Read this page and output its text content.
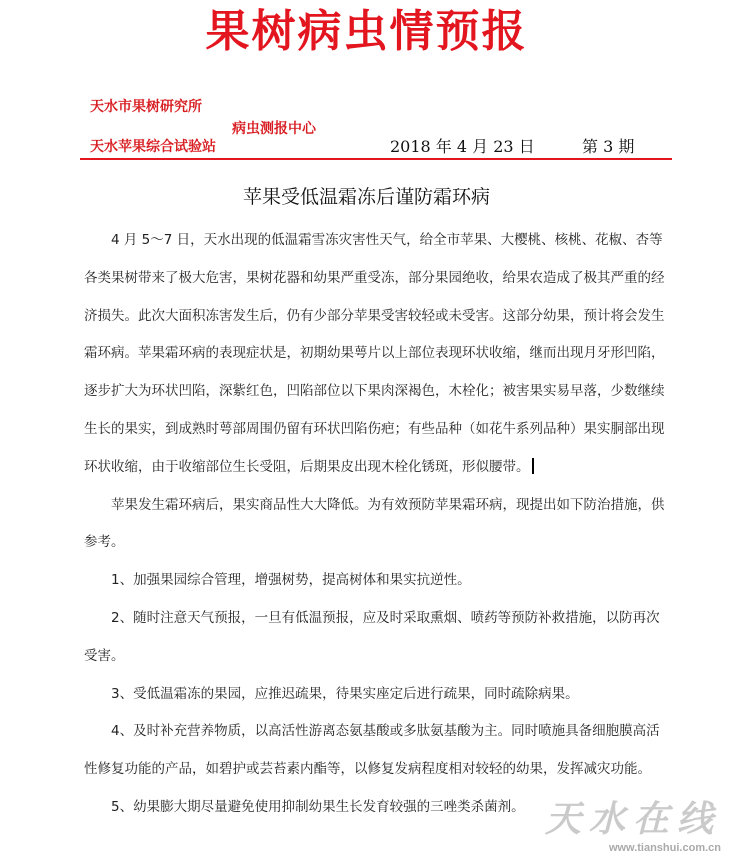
果树病虫情预报
天水市果树研究所
病虫测报中心
天水苹果综合试验站	2018 年 4 月 23 日	第 3 期
苹果受低温霜冻后谨防霜环病

4 月 5～7 日，天水出现的低温霜雪冻灾害性天气，给全市苹果、大樱桃、核桃、花椒、杏等各类果树带来了极大危害，果树花器和幼果严重受冻，部分果园绝收，给果农造成了极其严重的经济损失。此次大面积冻害发生后，仍有少部分苹果受害较轻或未受害。这部分幼果，预计将会发生霜环病。苹果霜环病的表现症状是，初期幼果萼片以上部位表现环状收缩，继而出现月牙形凹陷，逐步扩大为环状凹陷，深紫红色，凹陷部位以下果肉深褐色，木栓化；被害果实易早落，少数继续生长的果实，到成熟时萼部周围仍留有环状凹陷伤疤；有些品种（如花牛系列品种）果实胴部出现环状收缩，由于收缩部位生长受阻，后期果皮出现木栓化锈斑，形似腰带。

苹果发生霜环病后，果实商品性大大降低。为有效预防苹果霜环病，现提出如下防治措施，供参考。

1、加强果园综合管理，增强树势，提高树体和果实抗逆性。

2、随时注意天气预报，一旦有低温预报，应及时采取熏烟、喷药等预防补救措施，以防再次受害。

3、受低温霜冻的果园，应推迟疏果，待果实座定后进行疏果，同时疏除病果。

4、及时补充营养物质，以高活性游离态氨基酸或多肽氨基酸为主。同时喷施具备细胞膜高活性修复功能的产品，如碧护或芸苔素内酯等，以修复发病程度相对较轻的幼果，发挥减灾功能。

5、幼果膨大期尽量避免使用抑制幼果生长发育较强的三唑类杀菌剂。 天水在线
www.tianshui.com.cn
